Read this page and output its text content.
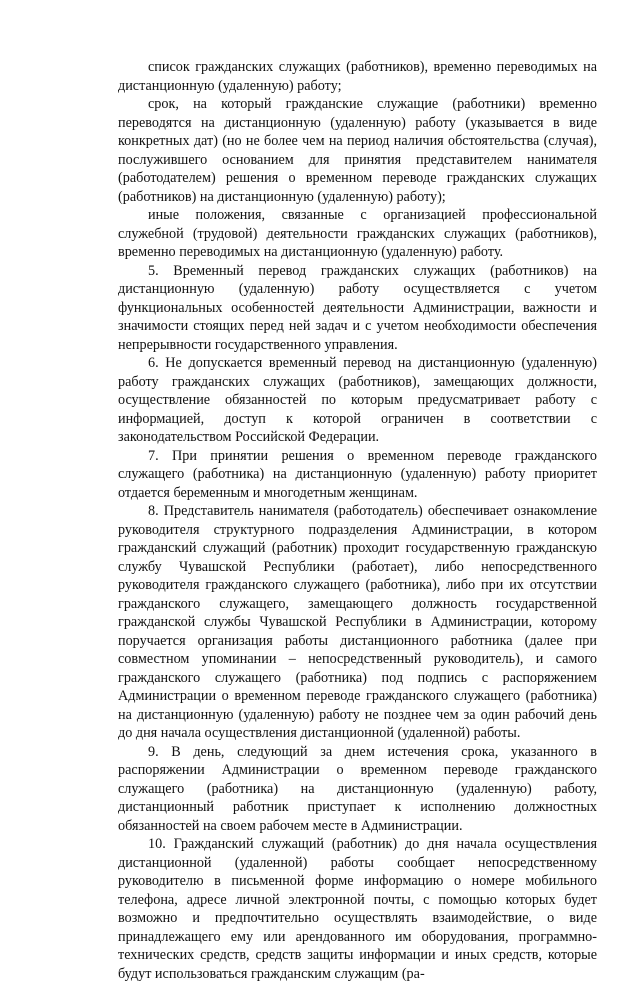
список гражданских служащих (работников), временно переводимых на дистанционную (удаленную) работу;

срок, на который гражданские служащие (работники) временно переводятся на дистанционную (удаленную) работу (указывается в виде конкретных дат) (но не более чем на период наличия обстоятельства (случая), послужившего основанием для принятия представителем нанимателя (работодателем) решения о временном переводе гражданских служащих (работников) на дистанционную (удаленную) работу);

иные положения, связанные с организацией профессиональной служебной (трудовой) деятельности гражданских служащих (работников), временно переводимых на дистанционную (удаленную) работу.

5. Временный перевод гражданских служащих (работников) на дистанционную (удаленную) работу осуществляется с учетом функциональных особенностей деятельности Администрации, важности и значимости стоящих перед ней задач и с учетом необходимости обеспечения непрерывности государственного управления.

6. Не допускается временный перевод на дистанционную (удаленную) работу гражданских служащих (работников), замещающих должности, осуществление обязанностей по которым предусматривает работу с информацией, доступ к которой ограничен в соответствии с законодательством Российской Федерации.

7. При принятии решения о временном переводе гражданского служащего (работника) на дистанционную (удаленную) работу приоритет отдается беременным и многодетным женщинам.

8. Представитель нанимателя (работодатель) обеспечивает ознакомление руководителя структурного подразделения Администрации, в котором гражданский служащий (работник) проходит государственную гражданскую службу Чувашской Республики (работает), либо непосредственного руководителя гражданского служащего (работника), либо при их отсутствии гражданского служащего, замещающего должность государственной гражданской службы Чувашской Республики в Администрации, которому поручается организация работы дистанционного работника (далее при совместном упоминании – непосредственный руководитель), и самого гражданского служащего (работника) под подпись с распоряжением Администрации о временном переводе гражданского служащего (работника) на дистанционную (удаленную) работу не позднее чем за один рабочий день до дня начала осуществления дистанционной (удаленной) работы.

9. В день, следующий за днем истечения срока, указанного в распоряжении Администрации о временном переводе гражданского служащего (работника) на дистанционную (удаленную) работу, дистанционный работник приступает к исполнению должностных обязанностей на своем рабочем месте в Администрации.

10. Гражданский служащий (работник) до дня начала осуществления дистанционной (удаленной) работы сообщает непосредственному руководителю в письменной форме информацию о номере мобильного телефона, адресе личной электронной почты, с помощью которых будет возможно и предпочтительно осуществлять взаимодействие, о виде принадлежащего ему или арендованного им оборудования, программно-технических средств, средств защиты информации и иных средств, которые будут использоваться гражданским служащим (ра-
